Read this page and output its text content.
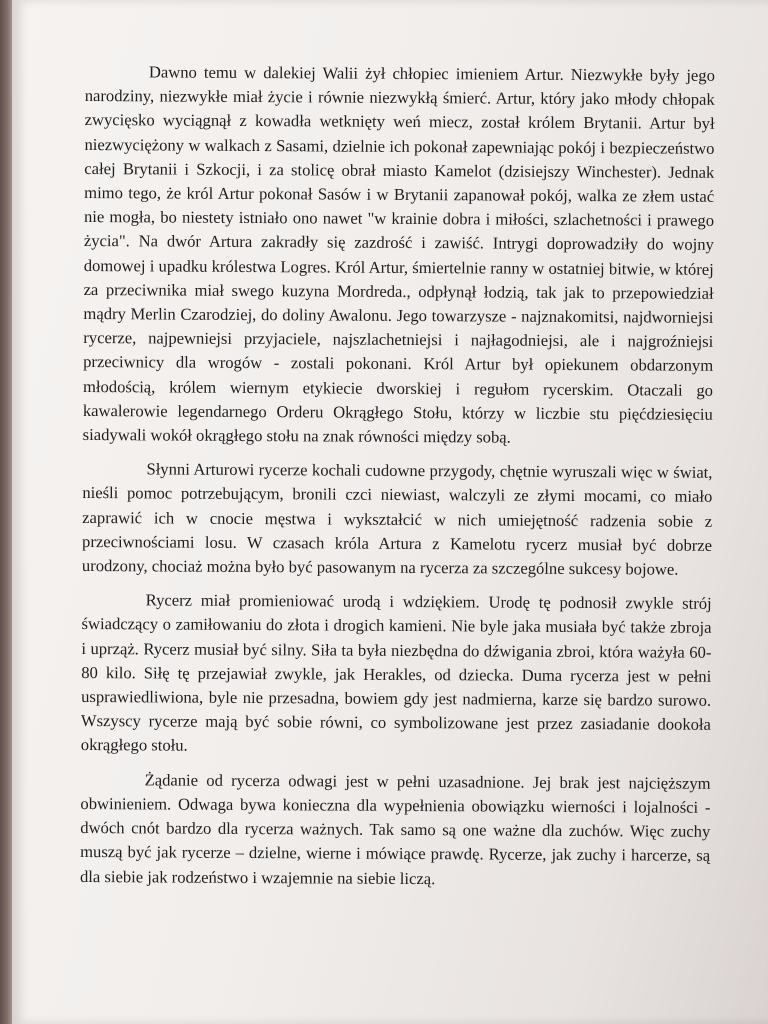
Dawno temu w dalekiej Walii żył chłopiec imieniem Artur. Niezwykłe były jego narodziny, niezwykłe miał życie i równie niezwykłą śmierć. Artur, który jako młody chłopak zwycięsko wyciągnął z kowadła wetknięty weń miecz, został królem Brytanii. Artur był niezwyciężony w walkach z Sasami, dzielnie ich pokonał zapewniając pokój i bezpieczeństwo całej Brytanii i Szkocji, i za stolicę obrał miasto Kamelot (dzisiejszy Winchester). Jednak mimo tego, że król Artur pokonał Sasów i w Brytanii zapanował pokój, walka ze złem ustać nie mogła, bo niestety istniało ono nawet "w krainie dobra i miłości, szlachetności i prawego życia". Na dwór Artura zakradły się zazdrość i zawiść. Intrygi doprowadziły do wojny domowej i upadku królestwa Logres. Król Artur, śmiertelnie ranny w ostatniej bitwie, w której za przeciwnika miał swego kuzyna Mordreda., odpłynął łodzią, tak jak to przepowiedział mądry Merlin Czarodziej, do doliny Awalonu. Jego towarzysze - najznakomitsi, najdworniejsi rycerze, najpewniejsi przyjaciele, najszlachetniejsi i najłagodniejsi, ale i najgroźniejsi przeciwnicy dla wrogów - zostali pokonani. Król Artur był opiekunem obdarzonym młodością, królem wiernym etykiecie dworskiej i regułom rycerskim. Otaczali go kawalerowie legendarnego Orderu Okrągłego Stołu, którzy w liczbie stu pięćdziesięciu siadywali wokół okrągłego stołu na znak równości między sobą.

Słynni Arturowi rycerze kochali cudowne przygody, chętnie wyruszali więc w świat, nieśli pomoc potrzebującym, bronili czci niewiast, walczyli ze złymi mocami, co miało zaprawić ich w cnocie męstwa i wykształcić w nich umiejętność radzenia sobie z przeciwnościami losu. W czasach króla Artura z Kamelotu rycerz musiał być dobrze urodzony, chociaż można było być pasowanym na rycerza za szczególne sukcesy bojowe.

Rycerz miał promieniować urodą i wdziękiem. Urodę tę podnosił zwykle strój świadczący o zamiłowaniu do złota i drogich kamieni. Nie byle jaka musiała być także zbroja i uprząż. Rycerz musiał być silny. Siła ta była niezbędna do dźwigania zbroi, która ważyła 60-80 kilo. Siłę tę przejawiał zwykle, jak Herakles, od dziecka. Duma rycerza jest w pełni usprawiedliwiona, byle nie przesadna, bowiem gdy jest nadmierna, karze się bardzo surowo. Wszyscy rycerze mają być sobie równi, co symbolizowane jest przez zasiadanie dookoła okrągłego stołu.

Żądanie od rycerza odwagi jest w pełni uzasadnione. Jej brak jest najcięższym obwinieniem. Odwaga bywa konieczna dla wypełnienia obowiązku wierności i lojalności - dwóch cnót bardzo dla rycerza ważnych. Tak samo są one ważne dla zuchów. Więc zuchy muszą być jak rycerze – dzielne, wierne i mówiące prawdę. Rycerze, jak zuchy i harcerze, są dla siebie jak rodzeństwo i wzajemnie na siebie liczą.
